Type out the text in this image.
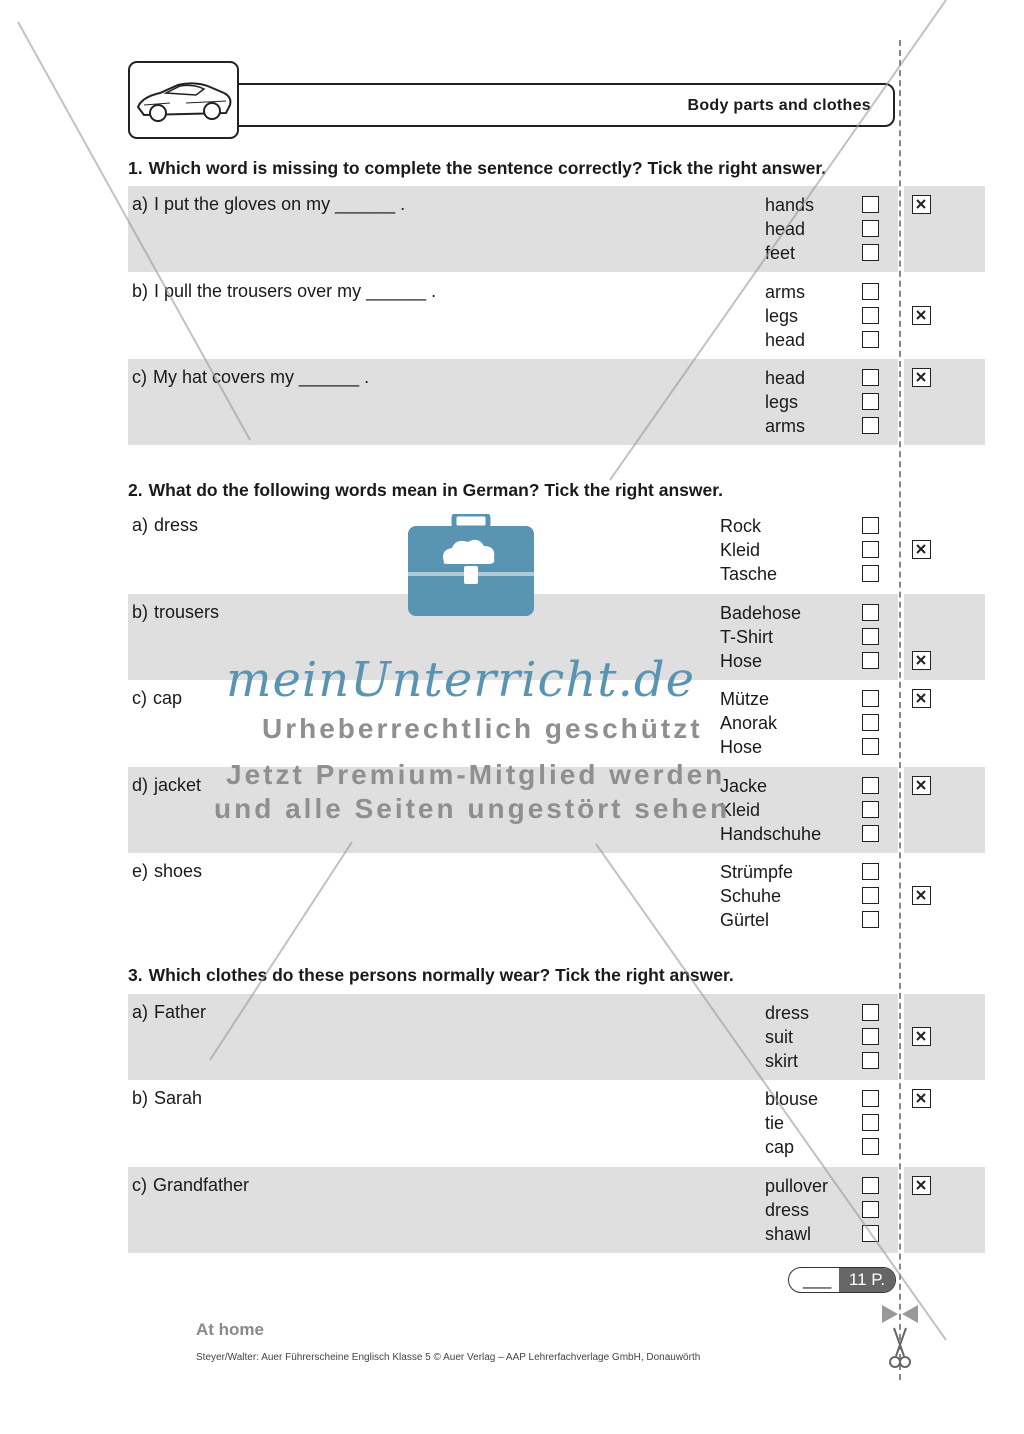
Body parts and clothes
1. Which word is missing to complete the sentence correctly? Tick the right answer.
a) I put the gloves on my ______ .	hands
head
feet
b) I pull the trousers over my ______ .	arms
legs
head
c) My hat covers my ______ .	head
legs
arms
2. What do the following words mean in German? Tick the right answer.
a) dress	Rock
Kleid
Tasche
b) trousers	Badehose
T-Shirt
Hose
c) cap	Mütze
Anorak
Hose
d) jacket	Jacke
Kleid
Handschuhe
e) shoes	Strümpfe
Schuhe
Gürtel
3. Which clothes do these persons normally wear? Tick the right answer.
a) Father	dress
suit
skirt
b) Sarah	blouse
tie
cap
c) Grandfather	pullover
dress
shawl
___	11 P.
At home
Steyer/Walter: Auer Führerscheine Englisch Klasse 5 © Auer Verlag – AAP Lehrerfachverlage GmbH, Donauwörth
meinUnterricht.de
Urheberrechtlich geschützt
Jetzt Premium-Mitglied werden
und alle Seiten ungestört sehen
